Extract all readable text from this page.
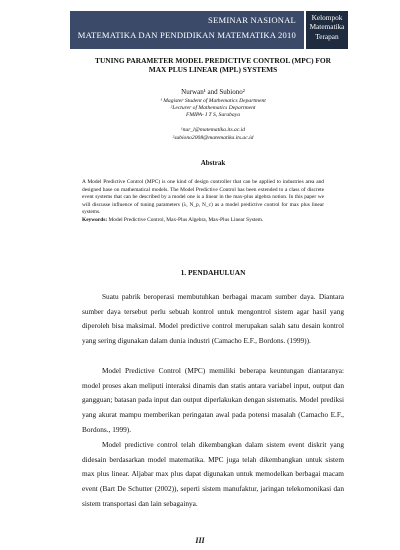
SEMINAR NASIONAL
MATEMATIKA DAN PENDIDIKAN MATEMATIKA 2010
Kelompok
Matematika
Terapan
TUNING PARAMETER MODEL PREDICTIVE CONTROL (MPC) FOR
MAX PLUS LINEAR (MPL) SYSTEMS
Nurwan¹ and Subiono²
¹ Magister Student of Mathematics Department
²Lecturer of Mathematics Department
FMIPA- I T S, Surabaya
¹nur_l@matematika.its.ac.id
²subiono2008@matematika.its.ac.id
Abstrak
A Model Predictive Control (MPC) is one kind of design controller that can be applied to industries area and designed base on mathematical models. The Model Predictive Control has been extended to a class of discrete event systems that can be described by a model one is a linear in the max-plus algebra notion. In this paper we will discusse influence of tuning parameters (λ, N_p, N_c) as a model predictive control for max plus linear systems.
Keywords: Model Predictive Control, Max-Plus Algebra, Max-Plus Linear System.
1. PENDAHULUAN
Suatu pabrik beroperasi membutuhkan berbagai macam sumber daya. Diantara sumber daya tersebut perlu sebuah kontrol untuk mengontrol sistem agar hasil yang diperoleh bisa maksimal. Model predictive control merupakan salah satu desain kontrol yang sering digunakan dalam dunia industri (Camacho E.F., Bordons. (1999)).
Model Predictive Control (MPC) memiliki beberapa keuntungan diantaranya: model proses akan meliputi interaksi dinamis dan statis antara variabel input, output dan gangguan; batasan pada input dan output diperlakukan dengan sistematis. Model prediksi yang akurat mampu memberikan peringatan awal pada potensi masalah (Camacho E.F., Bordons., 1999).
Model predictive control telah dikembangkan dalam sistem event diskrit yang didesain berdasarkan model matematika. MPC juga telah dikembangkan untuk sistem max plus linear. Aljabar max plus dapat digunakan untuk memodelkan berbagai macam event (Bart De Schutter (2002)), seperti sistem manufaktur, jaringan telekomonikasi dan sistem transportasi dan lain sebagainya.
III
